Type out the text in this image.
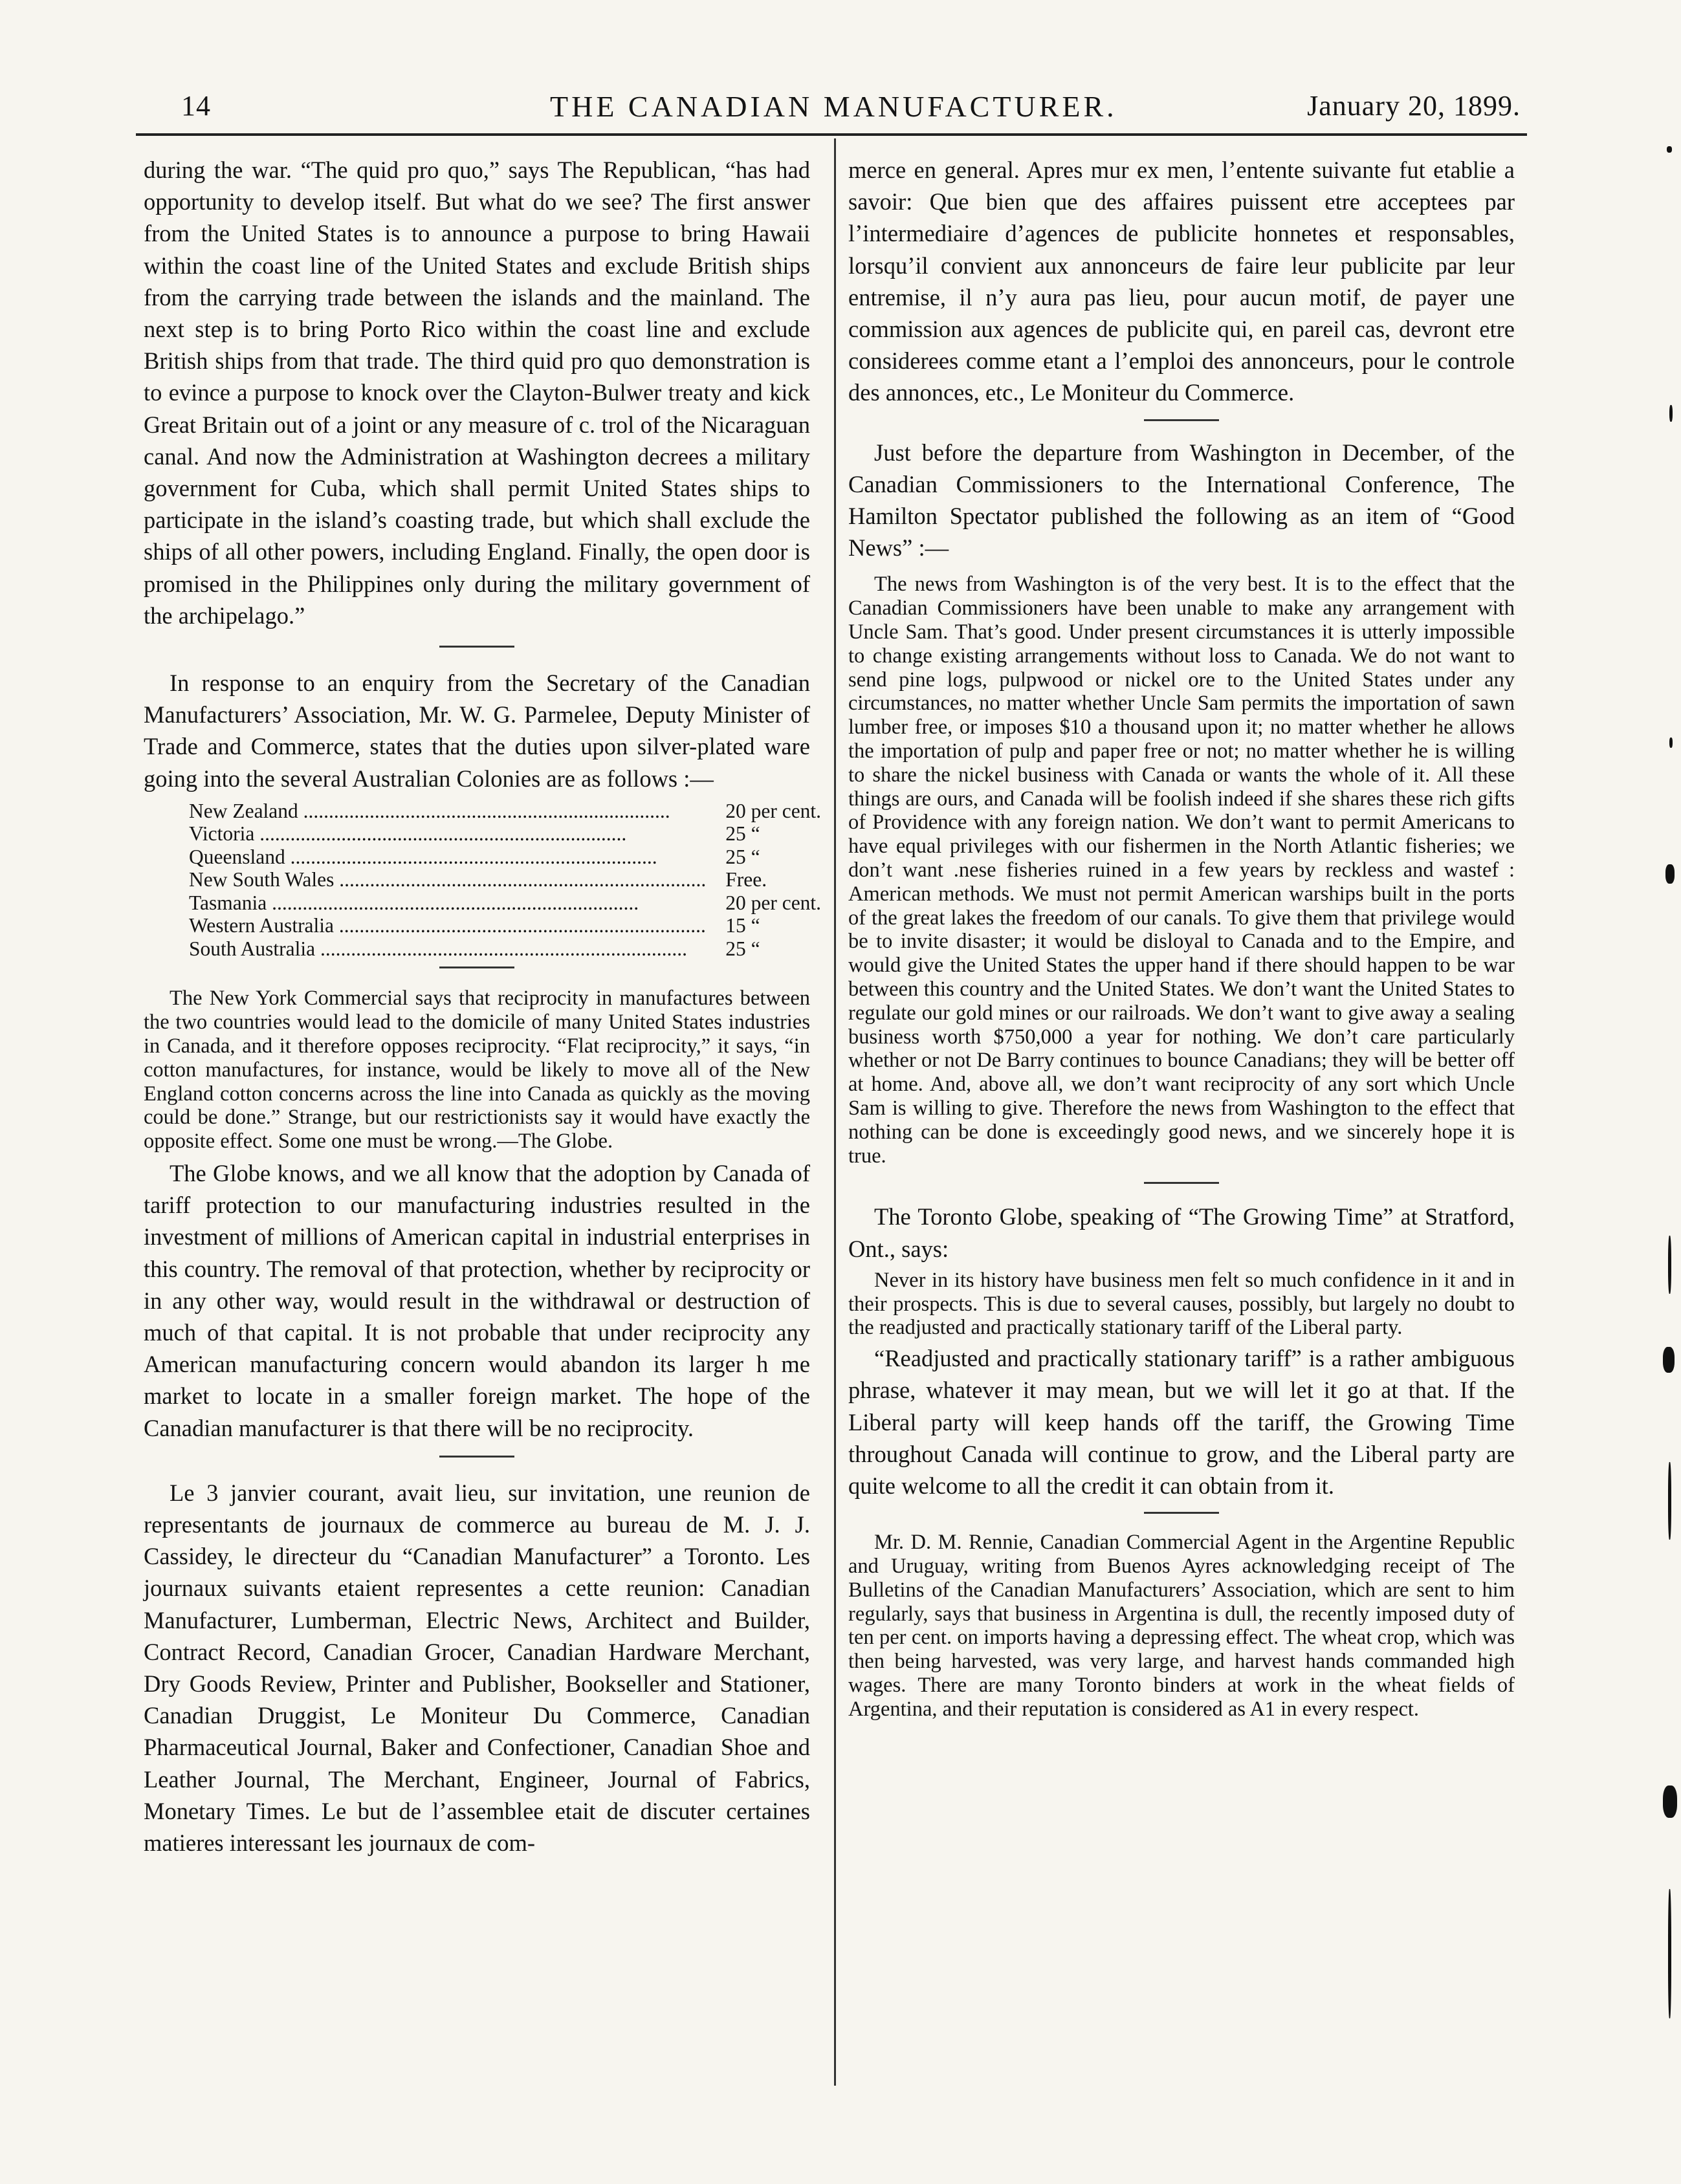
14	THE CANADIAN MANUFACTURER.	January 20, 1899.

during the war. “The quid pro quo,” says The Republican, “has had opportunity to develop itself. But what do we see? The first answer from the United States is to announce a purpose to bring Hawaii within the coast line of the United States and exclude British ships from the carrying trade between the islands and the mainland. The next step is to bring Porto Rico within the coast line and exclude British ships from that trade. The third quid pro quo demonstration is to evince a purpose to knock over the Clayton-Bulwer treaty and kick Great Britain out of a joint or any measure of c. trol of the Nicaraguan canal. And now the Administration at Washington decrees a military government for Cuba, which shall permit United States ships to participate in the island’s coasting trade, but which shall exclude the ships of all other powers, including England. Finally, the open door is promised in the Philippines only during the military government of the archipelago.”

In response to an enquiry from the Secretary of the Canadian Manufacturers’ Association, Mr. W. G. Parmelee, Deputy Minister of Trade and Commerce, states that the duties upon silver-plated ware going into the several Australian Colonies are as follows :—

New Zealand ........................................................................	20 per cent.
Victoria ........................................................................	25 “
Queensland ........................................................................	25 “
New South Wales ........................................................................	Free.
Tasmania ........................................................................	20 per cent.
Western Australia ........................................................................	15 “
South Australia ........................................................................	25 “

The New York Commercial says that reciprocity in manufactures between the two countries would lead to the domicile of many United States industries in Canada, and it therefore opposes reciprocity. “Flat reciprocity,” it says, “in cotton manufactures, for instance, would be likely to move all of the New England cotton concerns across the line into Canada as quickly as the moving could be done.” Strange, but our restrictionists say it would have exactly the opposite effect. Some one must be wrong.—The Globe.

The Globe knows, and we all know that the adoption by Canada of tariff protection to our manufacturing industries resulted in the investment of millions of American capital in industrial enterprises in this country. The removal of that protection, whether by reciprocity or in any other way, would result in the withdrawal or destruction of much of that capital. It is not probable that under reciprocity any American manufacturing concern would abandon its larger h me market to locate in a smaller foreign market. The hope of the Canadian manufacturer is that there will be no reciprocity.

Le 3 janvier courant, avait lieu, sur invitation, une reunion de representants de journaux de commerce au bureau de M. J. J. Cassidey, le directeur du “Canadian Manufacturer” a Toronto. Les journaux suivants etaient representes a cette reunion: Canadian Manufacturer, Lumberman, Electric News, Architect and Builder, Contract Record, Canadian Grocer, Canadian Hardware Merchant, Dry Goods Review, Printer and Publisher, Bookseller and Stationer, Canadian Druggist, Le Moniteur Du Commerce, Canadian Pharmaceutical Journal, Baker and Confectioner, Canadian Shoe and Leather Journal, The Merchant, Engineer, Journal of Fabrics, Monetary Times. Le but de l’assemblee etait de discuter certaines matieres interessant les journaux de com-

merce en general. Apres mur ex men, l’entente suivante fut etablie a savoir: Que bien que des affaires puissent etre acceptees par l’intermediaire d’agences de publicite honnetes et responsables, lorsqu’il convient aux annonceurs de faire leur publicite par leur entremise, il n’y aura pas lieu, pour aucun motif, de payer une commission aux agences de publicite qui, en pareil cas, devront etre considerees comme etant a l’emploi des annonceurs, pour le controle des annonces, etc., Le Moniteur du Commerce.

Just before the departure from Washington in December, of the Canadian Commissioners to the International Conference, The Hamilton Spectator published the following as an item of “Good News” :—

The news from Washington is of the very best. It is to the effect that the Canadian Commissioners have been unable to make any arrangement with Uncle Sam. That’s good. Under present circumstances it is utterly impossible to change existing arrangements without loss to Canada. We do not want to send pine logs, pulpwood or nickel ore to the United States under any circumstances, no matter whether Uncle Sam permits the importation of sawn lumber free, or imposes $10 a thousand upon it; no matter whether he allows the importation of pulp and paper free or not; no matter whether he is willing to share the nickel business with Canada or wants the whole of it. All these things are ours, and Canada will be foolish indeed if she shares these rich gifts of Providence with any foreign nation. We don’t want to permit Americans to have equal privileges with our fishermen in the North Atlantic fisheries; we don’t want .nese fisheries ruined in a few years by reckless and wastef : American methods. We must not permit American warships built in the ports of the great lakes the freedom of our canals. To give them that privilege would be to invite disaster; it would be disloyal to Canada and to the Empire, and would give the United States the upper hand if there should happen to be war between this country and the United States. We don’t want the United States to regulate our gold mines or our railroads. We don’t want to give away a sealing business worth $750,000 a year for nothing. We don’t care particularly whether or not De Barry continues to bounce Canadians; they will be better off at home. And, above all, we don’t want reciprocity of any sort which Uncle Sam is willing to give. Therefore the news from Washington to the effect that nothing can be done is exceedingly good news, and we sincerely hope it is true.

The Toronto Globe, speaking of “The Growing Time” at Stratford, Ont., says:

Never in its history have business men felt so much confidence in it and in their prospects. This is due to several causes, possibly, but largely no doubt to the readjusted and practically stationary tariff of the Liberal party.

“Readjusted and practically stationary tariff” is a rather ambiguous phrase, whatever it may mean, but we will let it go at that. If the Liberal party will keep hands off the tariff, the Growing Time throughout Canada will continue to grow, and the Liberal party are quite welcome to all the credit it can obtain from it.

Mr. D. M. Rennie, Canadian Commercial Agent in the Argentine Republic and Uruguay, writing from Buenos Ayres acknowledging receipt of The Bulletins of the Canadian Manufacturers’ Association, which are sent to him regularly, says that business in Argentina is dull, the recently imposed duty of ten per cent. on imports having a depressing effect. The wheat crop, which was then being harvested, was very large, and harvest hands commanded high wages. There are many Toronto binders at work in the wheat fields of Argentina, and their reputation is considered as A1 in every respect.
